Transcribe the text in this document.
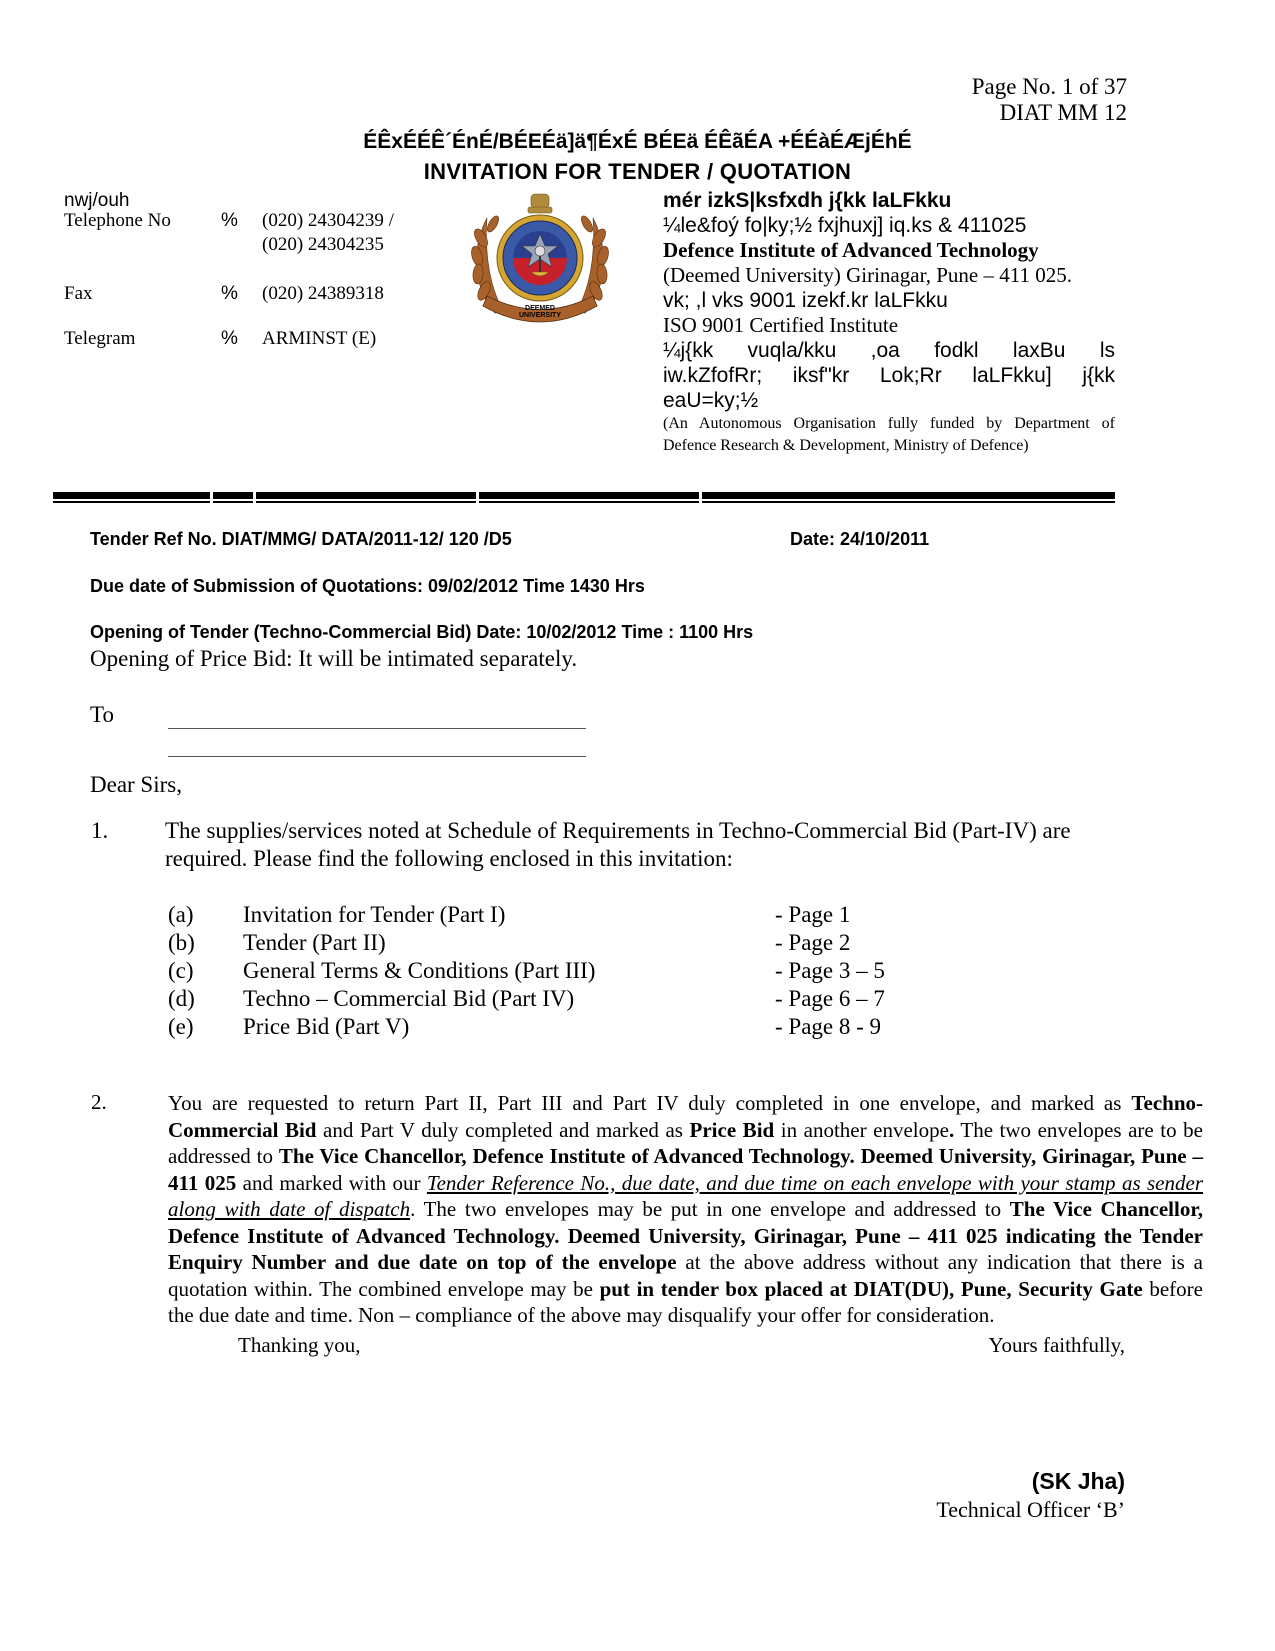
Page No. 1 of 37
DIAT MM 12
ÉÊxÉÉÊ´ÉnÉ/BÉEÉä]ä¶ÉxÉ BÉEä ÉÊãÉA +ÉÉàÉÆjÉhÉ
INVITATION FOR TENDER / QUOTATION
nwj/ouh
Telephone No	% (020) 24304239 /
(020) 24304235
Fax	% (020) 24389318
Telegram	% ARMINST (E)
DEEMED
UNIVERSITY
mér izkS|ksfxdh j{kk laLFkku
¼le&foý fo|ky;½ fxjhuxj] iq.ks & 411025
Defence Institute of Advanced Technology
(Deemed University) Girinagar, Pune – 411 025.
vk; ,l vks 9001 izekf.kr laLFkku
ISO 9001 Certified Institute
¼j{kk vuqla/kku ,oa fodkl laxBu ls
iw.kZfofRr; iksf"kr Lok;Rr laLFkku] j{kk
eaU=ky;½
(An Autonomous Organisation fully funded by Department of Defence Research & Development, Ministry of Defence)
Tender Ref No. DIAT/MMG/ DATA/2011-12/ 120 /D5	Date: 24/10/2011
Due date of Submission of Quotations: 09/02/2012 Time 1430 Hrs
Opening of Tender (Techno-Commercial Bid) Date: 10/02/2012 Time : 1100 Hrs
Opening of Price Bid: It will be intimated separately.
To
Dear Sirs,
1. The supplies/services noted at Schedule of Requirements in Techno-Commercial Bid (Part-IV) are
required. Please find the following enclosed in this invitation:
(a) Invitation for Tender (Part I)	- Page 1
(b) Tender (Part II)	- Page 2
(c) General Terms & Conditions (Part III)	- Page 3 – 5
(d) Techno – Commercial Bid (Part IV)	- Page 6 – 7
(e) Price Bid (Part V)	- Page 8 - 9
2.	You are requested to return Part II, Part III and Part IV duly completed in one envelope, and marked as Techno-Commercial Bid and Part V duly completed and marked as Price Bid in another envelope. The two envelopes are to be addressed to The Vice Chancellor, Defence Institute of Advanced Technology. Deemed University, Girinagar, Pune – 411 025 and marked with our Tender Reference No., due date, and due time on each envelope with your stamp as sender along with date of dispatch. The two envelopes may be put in one envelope and addressed to The Vice Chancellor, Defence Institute of Advanced Technology. Deemed University, Girinagar, Pune – 411 025 indicating the Tender Enquiry Number and due date on top of the envelope at the above address without any indication that there is a quotation within. The combined envelope may be put in tender box placed at DIAT(DU), Pune, Security Gate before the due date and time. Non – compliance of the above may disqualify your offer for consideration.
Thanking you,	Yours faithfully,
(SK Jha)
Technical Officer ‘B’
